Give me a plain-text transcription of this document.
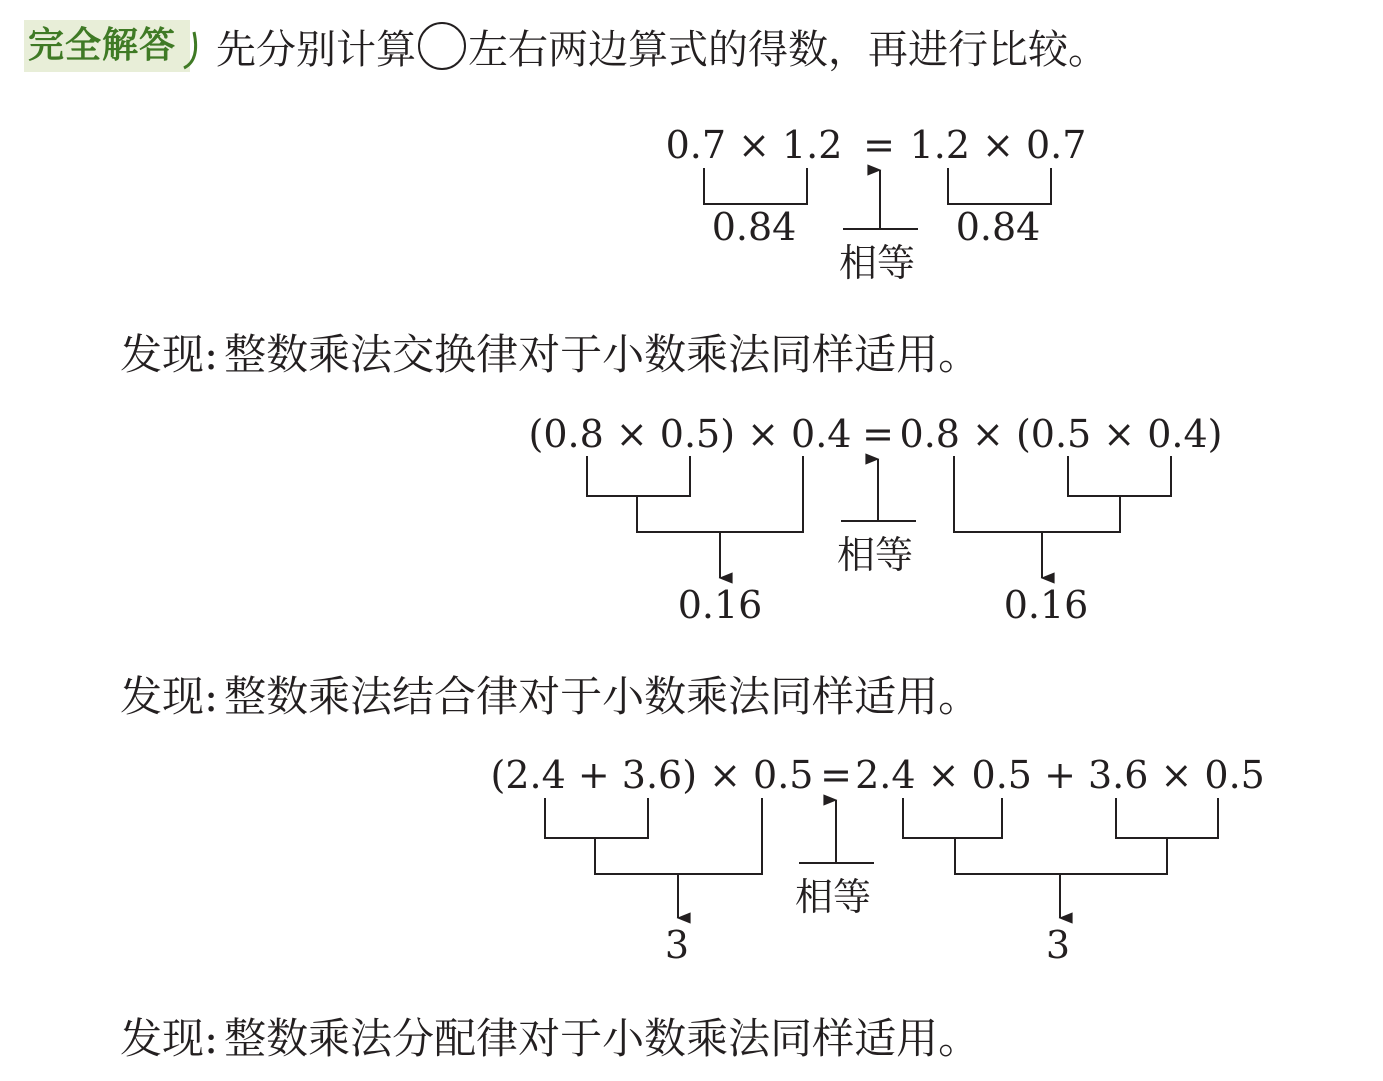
完全解答	先分别计算 左右两边算式的得数，再进行比较。
0.7 × 1.2 = 1.2 × 0.7
0.84	0.84
相等
(0.8 × 0.5) × 0.4 = 0.8 × (0.5 × 0.4)
0.16	0.16
相等
(2.4 + 3.6) × 0.5 = 2.4 × 0.5 + 3.6 × 0.5
3	3
相等
发现: 整数乘法交换律对于小数乘法同样适用。
发现: 整数乘法结合律对于小数乘法同样适用。
发现: 整数乘法分配律对于小数乘法同样适用。
